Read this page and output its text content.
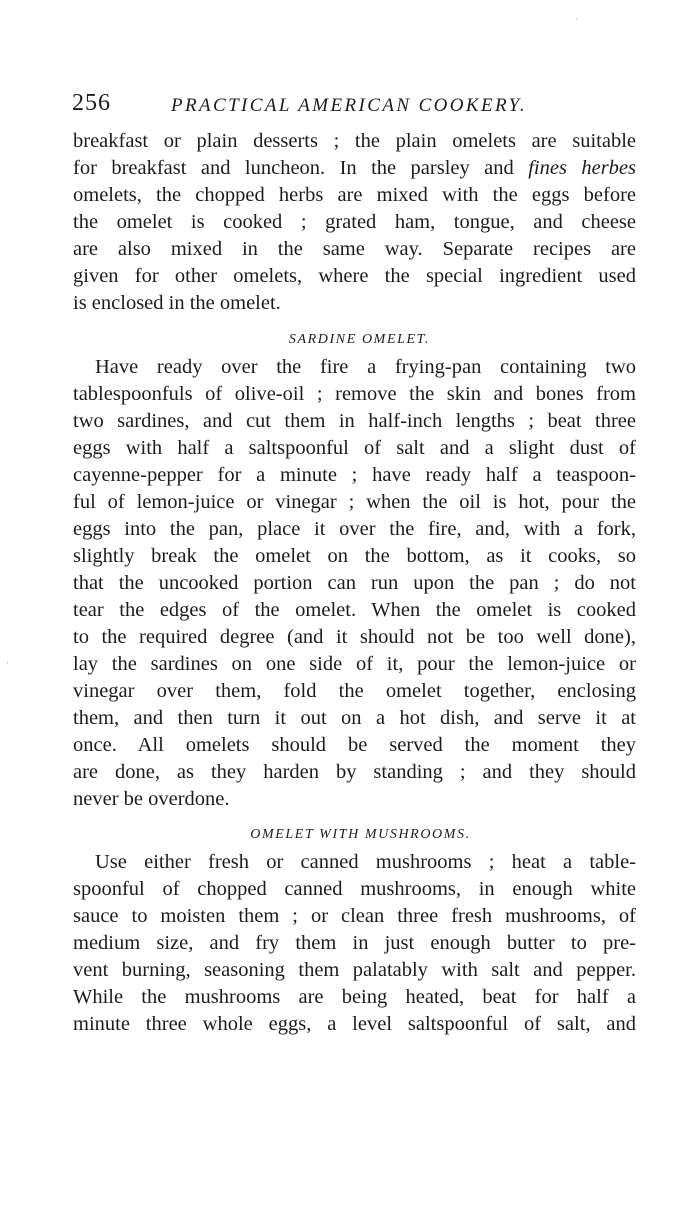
256	PRACTICAL AMERICAN COOKERY.
breakfast or plain desserts ; the plain omelets are suitable
for breakfast and luncheon. In the parsley and fines herbes
omelets, the chopped herbs are mixed with the eggs before
the omelet is cooked ; grated ham, tongue, and cheese
are also mixed in the same way. Separate recipes are
given for other omelets, where the special ingredient used
is enclosed in the omelet.
SARDINE OMELET.
Have ready over the fire a frying-pan containing two
tablespoonfuls of olive-oil ; remove the skin and bones from
two sardines, and cut them in half-inch lengths ; beat three
eggs with half a saltspoonful of salt and a slight dust of
cayenne-pepper for a minute ; have ready half a teaspoon-
ful of lemon-juice or vinegar ; when the oil is hot, pour the
eggs into the pan, place it over the fire, and, with a fork,
slightly break the omelet on the bottom, as it cooks, so
that the uncooked portion can run upon the pan ; do not
tear the edges of the omelet. When the omelet is cooked
to the required degree (and it should not be too well done),
lay the sardines on one side of it, pour the lemon-juice or
vinegar over them, fold the omelet together, enclosing
them, and then turn it out on a hot dish, and serve it at
once. All omelets should be served the moment they
are done, as they harden by standing ; and they should
never be overdone.
OMELET WITH MUSHROOMS.
Use either fresh or canned mushrooms ; heat a table-
spoonful of chopped canned mushrooms, in enough white
sauce to moisten them ; or clean three fresh mushrooms, of
medium size, and fry them in just enough butter to pre-
vent burning, seasoning them palatably with salt and pepper.
While the mushrooms are being heated, beat for half a
minute three whole eggs, a level saltspoonful of salt, and
·
·
